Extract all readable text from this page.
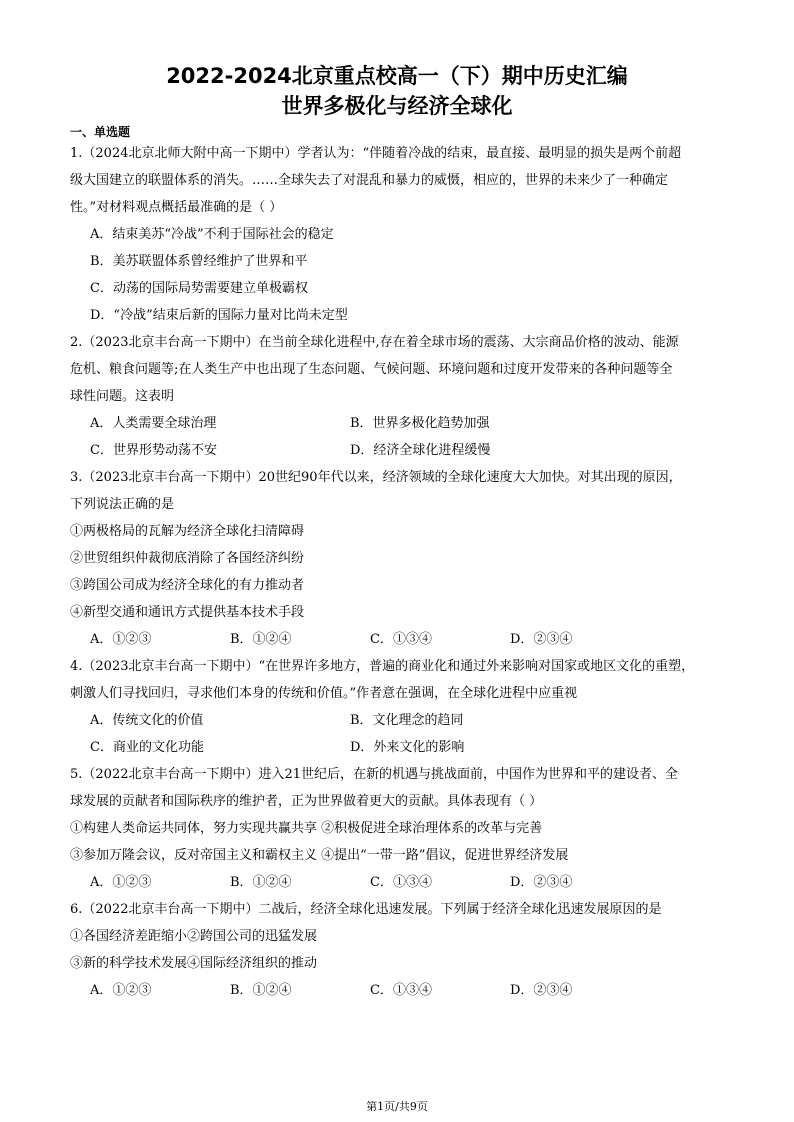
2022-2024北京重点校高一（下）期中历史汇编
世界多极化与经济全球化
一、单选题
1.（2024北京北师大附中高一下期中）学者认为：“伴随着冷战的结束，最直接、最明显的损失是两个前超
级大国建立的联盟体系的消失。……全球失去了对混乱和暴力的威慑，相应的，世界的未来少了一种确定
性。”对材料观点概括最准确的是（ ）
A．结束美苏“冷战”不利于国际社会的稳定
B．美苏联盟体系曾经维护了世界和平
C．动荡的国际局势需要建立单极霸权
D．“冷战”结束后新的国际力量对比尚未定型
2.（2023北京丰台高一下期中）在当前全球化进程中,存在着全球市场的震荡、大宗商品价格的波动、能源
危机、粮食问题等;在人类生产中也出现了生态问题、气候问题、环境问题和过度开发带来的各种问题等全
球性问题。这表明
A．人类需要全球治理	B．世界多极化趋势加强
C．世界形势动荡不安	D．经济全球化进程缓慢
3.（2023北京丰台高一下期中）20世纪90年代以来，经济领域的全球化速度大大加快。对其出现的原因，
下列说法正确的是
①两极格局的瓦解为经济全球化扫清障碍
②世贸组织仲裁彻底消除了各国经济纠纷
③跨国公司成为经济全球化的有力推动者
④新型交通和通讯方式提供基本技术手段
A．①②③	B．①②④	C．①③④	D．②③④
4.（2023北京丰台高一下期中）“在世界许多地方，普遍的商业化和通过外来影响对国家或地区文化的重塑，
刺激人们寻找回归，寻求他们本身的传统和价值。”作者意在强调，在全球化进程中应重视
A．传统文化的价值	B．文化理念的趋同
C．商业的文化功能	D．外来文化的影响
5.（2022北京丰台高一下期中）进入21世纪后，在新的机遇与挑战面前，中国作为世界和平的建设者、全
球发展的贡献者和国际秩序的维护者，正为世界做着更大的贡献。具体表现有（ ）
①构建人类命运共同体，努力实现共赢共享 ②积极促进全球治理体系的改革与完善
③参加万隆会议，反对帝国主义和霸权主义 ④提出“一带一路”倡议，促进世界经济发展
A．①②③	B．①②④	C．①③④	D．②③④
6.（2022北京丰台高一下期中）二战后，经济全球化迅速发展。下列属于经济全球化迅速发展原因的是
①各国经济差距缩小②跨国公司的迅猛发展
③新的科学技术发展④国际经济组织的推动
A．①②③	B．①②④	C．①③④	D．②③④
第1页/共9页
